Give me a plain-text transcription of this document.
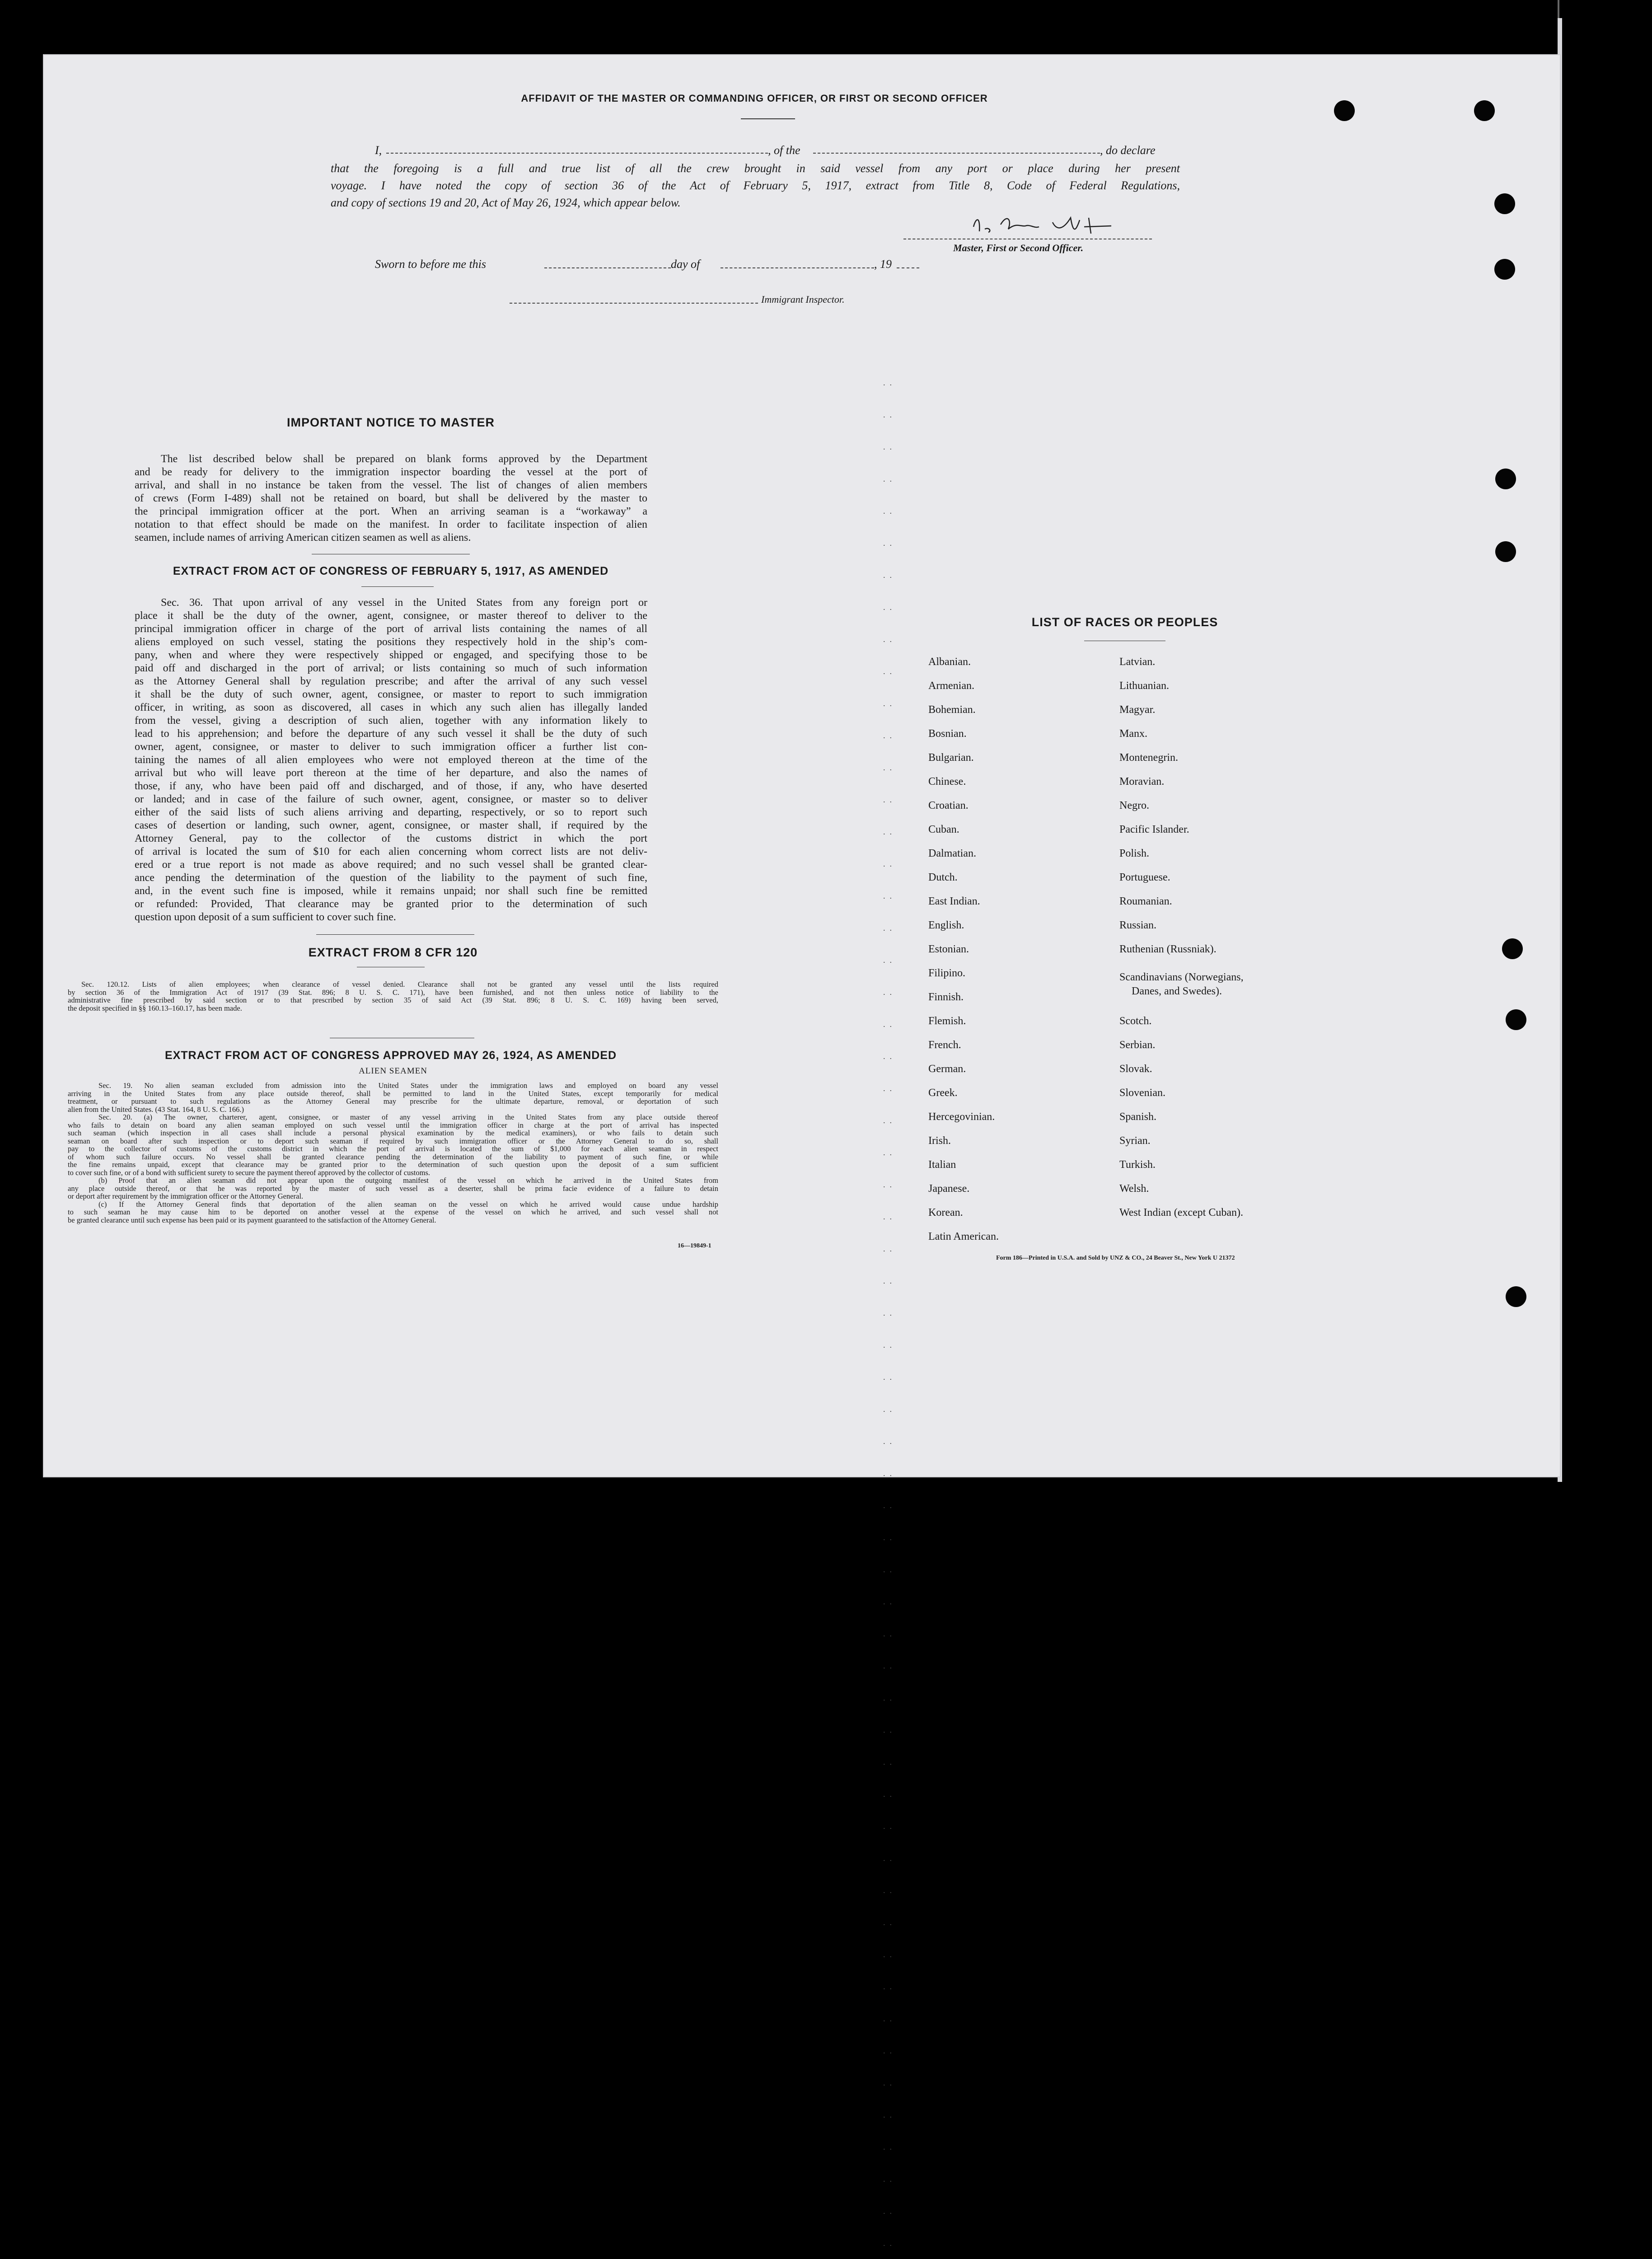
AFFIDAVIT OF THE MASTER OR COMMANDING OFFICER, OR FIRST OR SECOND OFFICER
I,	, of the	, do declare
that the foregoing is a full and true list of all the crew brought in said vessel from any port or place during her present
voyage. I have noted the copy of section 36 of the Act of February 5, 1917, extract from Title 8, Code of Federal Regulations,
and copy of sections 19 and 20, Act of May 26, 1924, which appear below.
Master, First or Second Officer.
Sworn to before me this	day of	, 19
Immigrant Inspector.
IMPORTANT NOTICE TO MASTER
The list described below shall be prepared on blank forms approved by the Department
and be ready for delivery to the immigration inspector boarding the vessel at the port of
arrival, and shall in no instance be taken from the vessel. The list of changes of alien members
of crews (Form I-489) shall not be retained on board, but shall be delivered by the master to
the principal immigration officer at the port. When an arriving seaman is a “workaway” a
notation to that effect should be made on the manifest. In order to facilitate inspection of alien
seamen, include names of arriving American citizen seamen as well as aliens.
EXTRACT FROM ACT OF CONGRESS OF FEBRUARY 5, 1917, AS AMENDED
Sec. 36. That upon arrival of any vessel in the United States from any foreign port or
place it shall be the duty of the owner, agent, consignee, or master thereof to deliver to the
principal immigration officer in charge of the port of arrival lists containing the names of all
aliens employed on such vessel, stating the positions they respectively hold in the ship’s com-
pany, when and where they were respectively shipped or engaged, and specifying those to be
paid off and discharged in the port of arrival; or lists containing so much of such information
as the Attorney General shall by regulation prescribe; and after the arrival of any such vessel
it shall be the duty of such owner, agent, consignee, or master to report to such immigration
officer, in writing, as soon as discovered, all cases in which any such alien has illegally landed
from the vessel, giving a description of such alien, together with any information likely to
lead to his apprehension; and before the departure of any such vessel it shall be the duty of such
owner, agent, consignee, or master to deliver to such immigration officer a further list con-
taining the names of all alien employees who were not employed thereon at the time of the
arrival but who will leave port thereon at the time of her departure, and also the names of
those, if any, who have been paid off and discharged, and of those, if any, who have deserted
or landed; and in case of the failure of such owner, agent, consignee, or master so to deliver
either of the said lists of such aliens arriving and departing, respectively, or so to report such
cases of desertion or landing, such owner, agent, consignee, or master shall, if required by the
Attorney General, pay to the collector of the customs district in which the port
of arrival is located the sum of $10 for each alien concerning whom correct lists are not deliv-
ered or a true report is not made as above required; and no such vessel shall be granted clear-
ance pending the determination of the question of the liability to the payment of such fine,
and, in the event such fine is imposed, while it remains unpaid; nor shall such fine be remitted
or refunded: Provided, That clearance may be granted prior to the determination of such
question upon deposit of a sum sufficient to cover such fine.
EXTRACT FROM 8 CFR 120
Sec. 120.12. Lists of alien employees; when clearance of vessel denied. Clearance shall not be granted any vessel until the lists required
by section 36 of the Immigration Act of 1917 (39 Stat. 896; 8 U. S. C. 171), have been furnished, and not then unless notice of liability to the
administrative fine prescribed by said section or to that prescribed by section 35 of said Act (39 Stat. 896; 8 U. S. C. 169) having been served,
the deposit specified in §§ 160.13–160.17, has been made.
EXTRACT FROM ACT OF CONGRESS APPROVED MAY 26, 1924, AS AMENDED
ALIEN SEAMEN
Sec. 19. No alien seaman excluded from admission into the United States under the immigration laws and employed on board any vessel
arriving in the United States from any place outside thereof, shall be permitted to land in the United States, except temporarily for medical
treatment, or pursuant to such regulations as the Attorney General may prescribe for the ultimate departure, removal, or deportation of such
alien from the United States. (43 Stat. 164, 8 U. S. C. 166.)
Sec. 20. (a) The owner, charterer, agent, consignee, or master of any vessel arriving in the United States from any place outside thereof
who fails to detain on board any alien seaman employed on such vessel until the immigration officer in charge at the port of arrival has inspected
such seaman (which inspection in all cases shall include a personal physical examination by the medical examiners), or who fails to detain such
seaman on board after such inspection or to deport such seaman if required by such immigration officer or the Attorney General to do so, shall
pay to the collector of customs of the customs district in which the port of arrival is located the sum of $1,000 for each alien seaman in respect
of whom such failure occurs. No vessel shall be granted clearance pending the determination of the liability to payment of such fine, or while
the fine remains unpaid, except that clearance may be granted prior to the determination of such question upon the deposit of a sum sufficient
to cover such fine, or of a bond with sufficient surety to secure the payment thereof approved by the collector of customs.
(b) Proof that an alien seaman did not appear upon the outgoing manifest of the vessel on which he arrived in the United States from
any place outside thereof, or that he was reported by the master of such vessel as a deserter, shall be prima facie evidence of a failure to detain
or deport after requirement by the immigration officer or the Attorney General.
(c) If the Attorney General finds that deportation of the alien seaman on the vessel on which he arrived would cause undue hardship
to such seaman he may cause him to be deported on another vessel at the expense of the vessel on which he arrived, and such vessel shall not
be granted clearance until such expense has been paid or its payment guaranteed to the satisfaction of the Attorney General.
16—19849-1
..
..
..
..
..
..
..
..
..
..
..
..
..
..
..
..
..
..
..
..
..
..
..
..
..
..
..
..
..
..
..
..
..
..
..
..
..
..
..
..
..
..
..
..
..
..
..
..
..
..
..
..
..
..
..
..
..
..
..

LIST OF RACES OR PEOPLES
Albanian.
Armenian.
Bohemian.
Bosnian.
Bulgarian.
Chinese.
Croatian.
Cuban.
Dalmatian.
Dutch.
East Indian.
English.
Estonian.
Filipino.
Finnish.
Flemish.
French.
German.
Greek.
Hercegovinian.
Irish.
Italian
Japanese.
Korean.
Latin American.
Latvian.
Lithuanian.
Magyar.
Manx.
Montenegrin.
Moravian.
Negro.
Pacific Islander.
Polish.
Portuguese.
Roumanian.
Russian.
Ruthenian (Russniak).
Scandinavians (Norwegians,
Danes, and Swedes).
Scotch.
Serbian.
Slovak.
Slovenian.
Spanish.
Syrian.
Turkish.
Welsh.
West Indian (except Cuban).
Form 186—Printed in U.S.A. and Sold by UNZ & CO., 24 Beaver St., New York U 21372
